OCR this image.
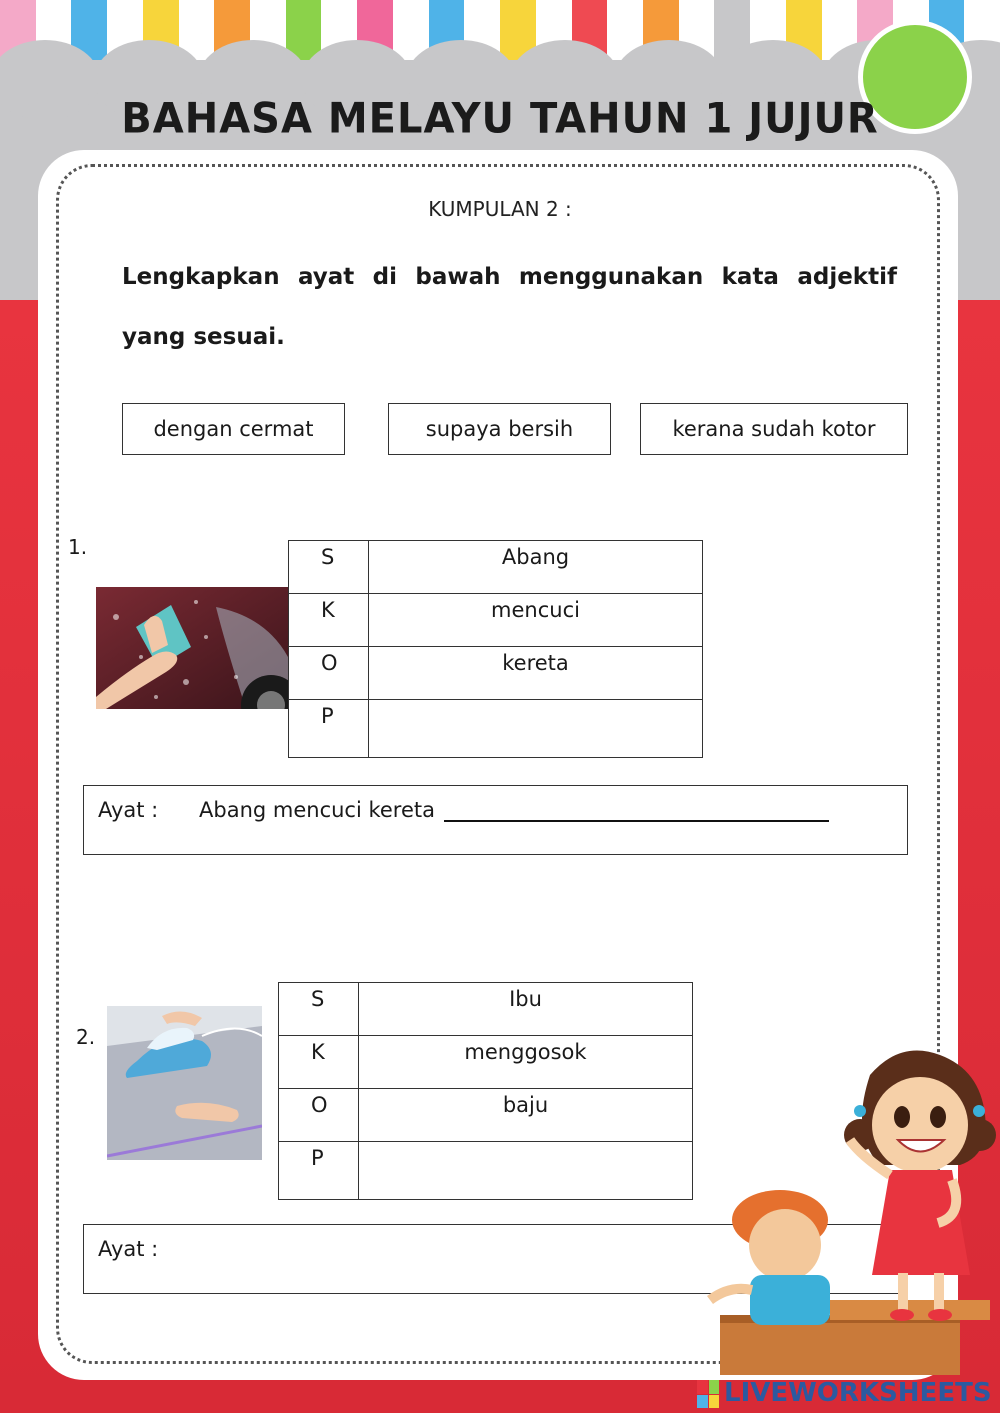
BAHASA MELAYU TAHUN 1 JUJUR
KUMPULAN 2 :
Lengkapkan ayat di bawah menggunakan kata adjektif yang sesuai.
dengan cermat	supaya bersih	kerana sudah kotor
1.	S	Abang
K	mencuci
O	kereta
P	
Ayat : Abang mencuci kereta
2.
S	Ibu
K	menggosok
O	baju
P	
Ayat :
LIVEWORKSHEETS
